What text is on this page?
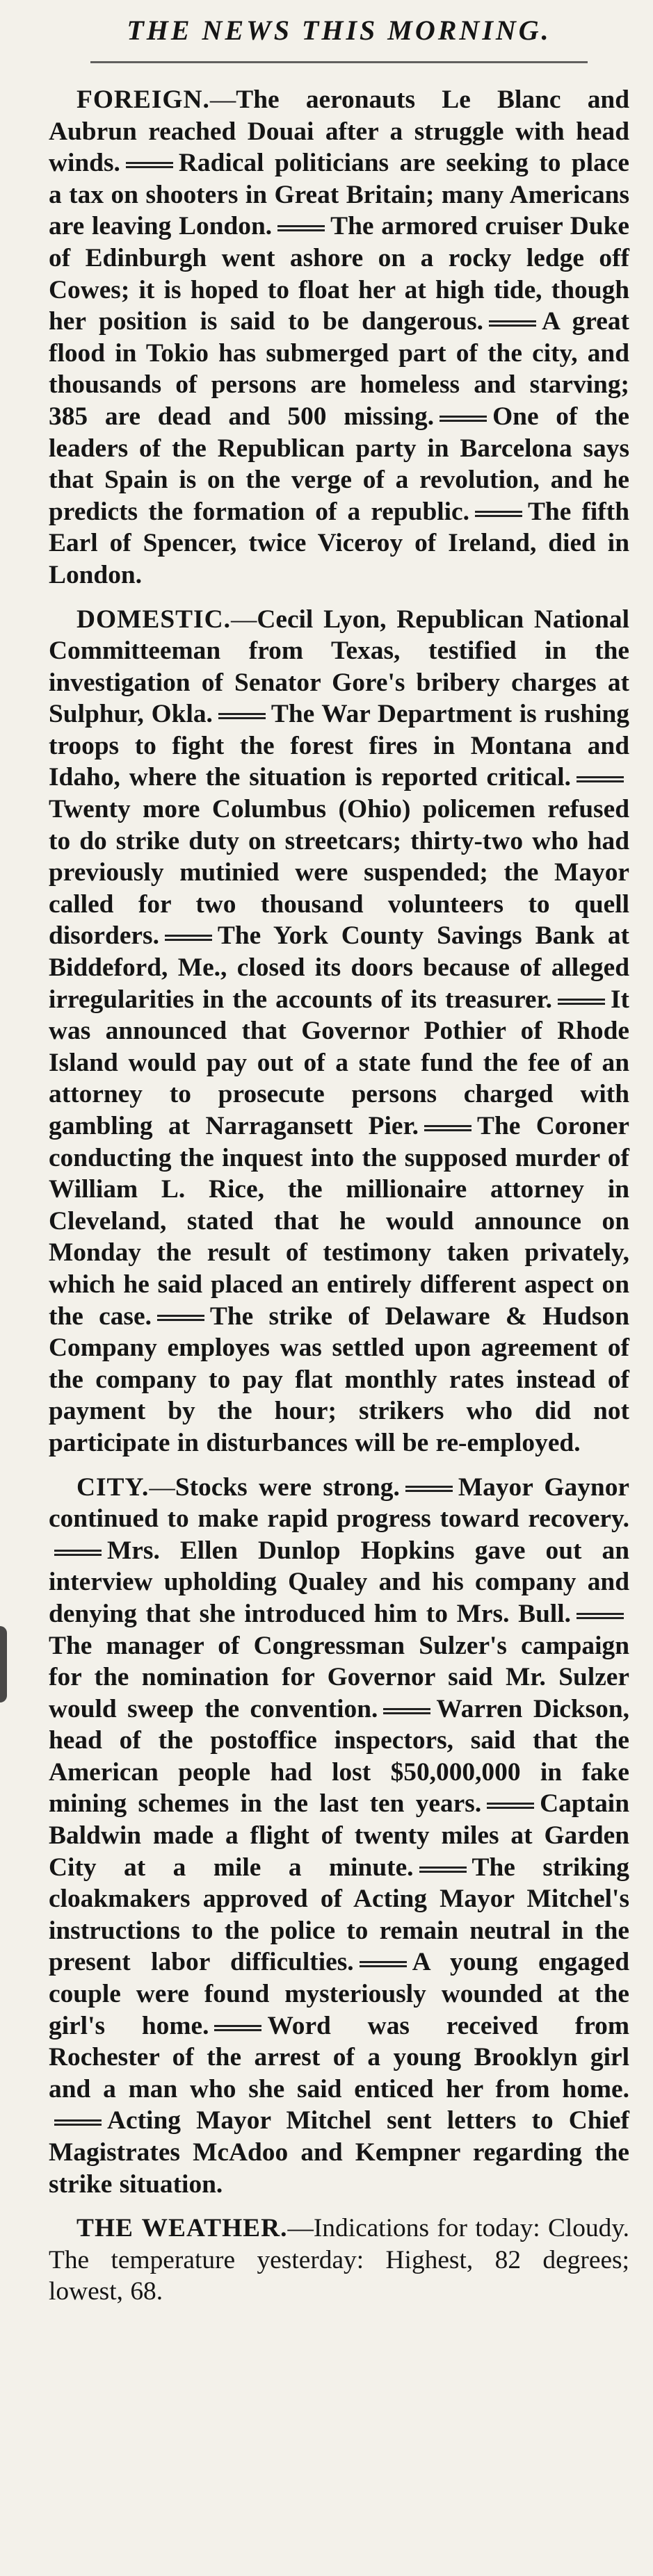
THE NEWS THIS MORNING.

FOREIGN.—The aeronauts Le Blanc and Aubrun reached Douai after a struggle with head winds. Radical politicians are seeking to place a tax on shooters in Great Britain; many Americans are leaving London. The armored cruiser Duke of Edinburgh went ashore on a rocky ledge off Cowes; it is hoped to float her at high tide, though her position is said to be dangerous. A great flood in Tokio has submerged part of the city, and thousands of persons are homeless and starving; 385 are dead and 500 missing. One of the leaders of the Republican party in Barcelona says that Spain is on the verge of a revolution, and he predicts the formation of a republic. The fifth Earl of Spencer, twice Viceroy of Ireland, died in London.

DOMESTIC.—Cecil Lyon, Republican National Committeeman from Texas, testified in the investigation of Senator Gore's bribery charges at Sulphur, Okla. The War Department is rushing troops to fight the forest fires in Montana and Idaho, where the situation is reported critical.Twenty more Columbus (Ohio) policemen refused to do strike duty on streetcars; thirty-two who had previously mutinied were suspended; the Mayor called for two thousand volunteers to quell disorders. The York County Savings Bank at Biddeford, Me., closed its doors because of alleged irregularities in the accounts of its treasurer. It was announced that Governor Pothier of Rhode Island would pay out of a state fund the fee of an attorney to prosecute persons charged with gambling at Narragansett Pier. The Coroner conducting the inquest into the supposed murder of William L. Rice, the millionaire attorney in Cleveland, stated that he would announce on Monday the result of testimony taken privately, which he said placed an entirely different aspect on the case. The strike of Delaware & Hudson Company employes was settled upon agreement of the company to pay flat monthly rates instead of payment by the hour; strikers who did not participate in disturbances will be re-employed.

CITY.—Stocks were strong. Mayor Gaynor continued to make rapid progress toward recovery.Mrs. Ellen Dunlop Hopkins gave out an interview upholding Qualey and his company and denying that she introduced him to Mrs. Bull.The manager of Congressman Sulzer's campaign for the nomination for Governor said Mr. Sulzer would sweep the convention. Warren Dickson, head of the postoffice inspectors, said that the American people had lost $50,000,000 in fake mining schemes in the last ten years. Captain Baldwin made a flight of twenty miles at Garden City at a mile a minute. The striking cloakmakers approved of Acting Mayor Mitchel's instructions to the police to remain neutral in the present labor difficulties. A young engaged couple were found mysteriously wounded at the girl's home. Word was received from Rochester of the arrest of a young Brooklyn girl and a man who she said enticed her from home.Acting Mayor Mitchel sent letters to Chief Magistrates McAdoo and Kempner regarding the strike situation.

THE WEATHER.—Indications for today: Cloudy. The temperature yesterday: Highest, 82 degrees; lowest, 68.
